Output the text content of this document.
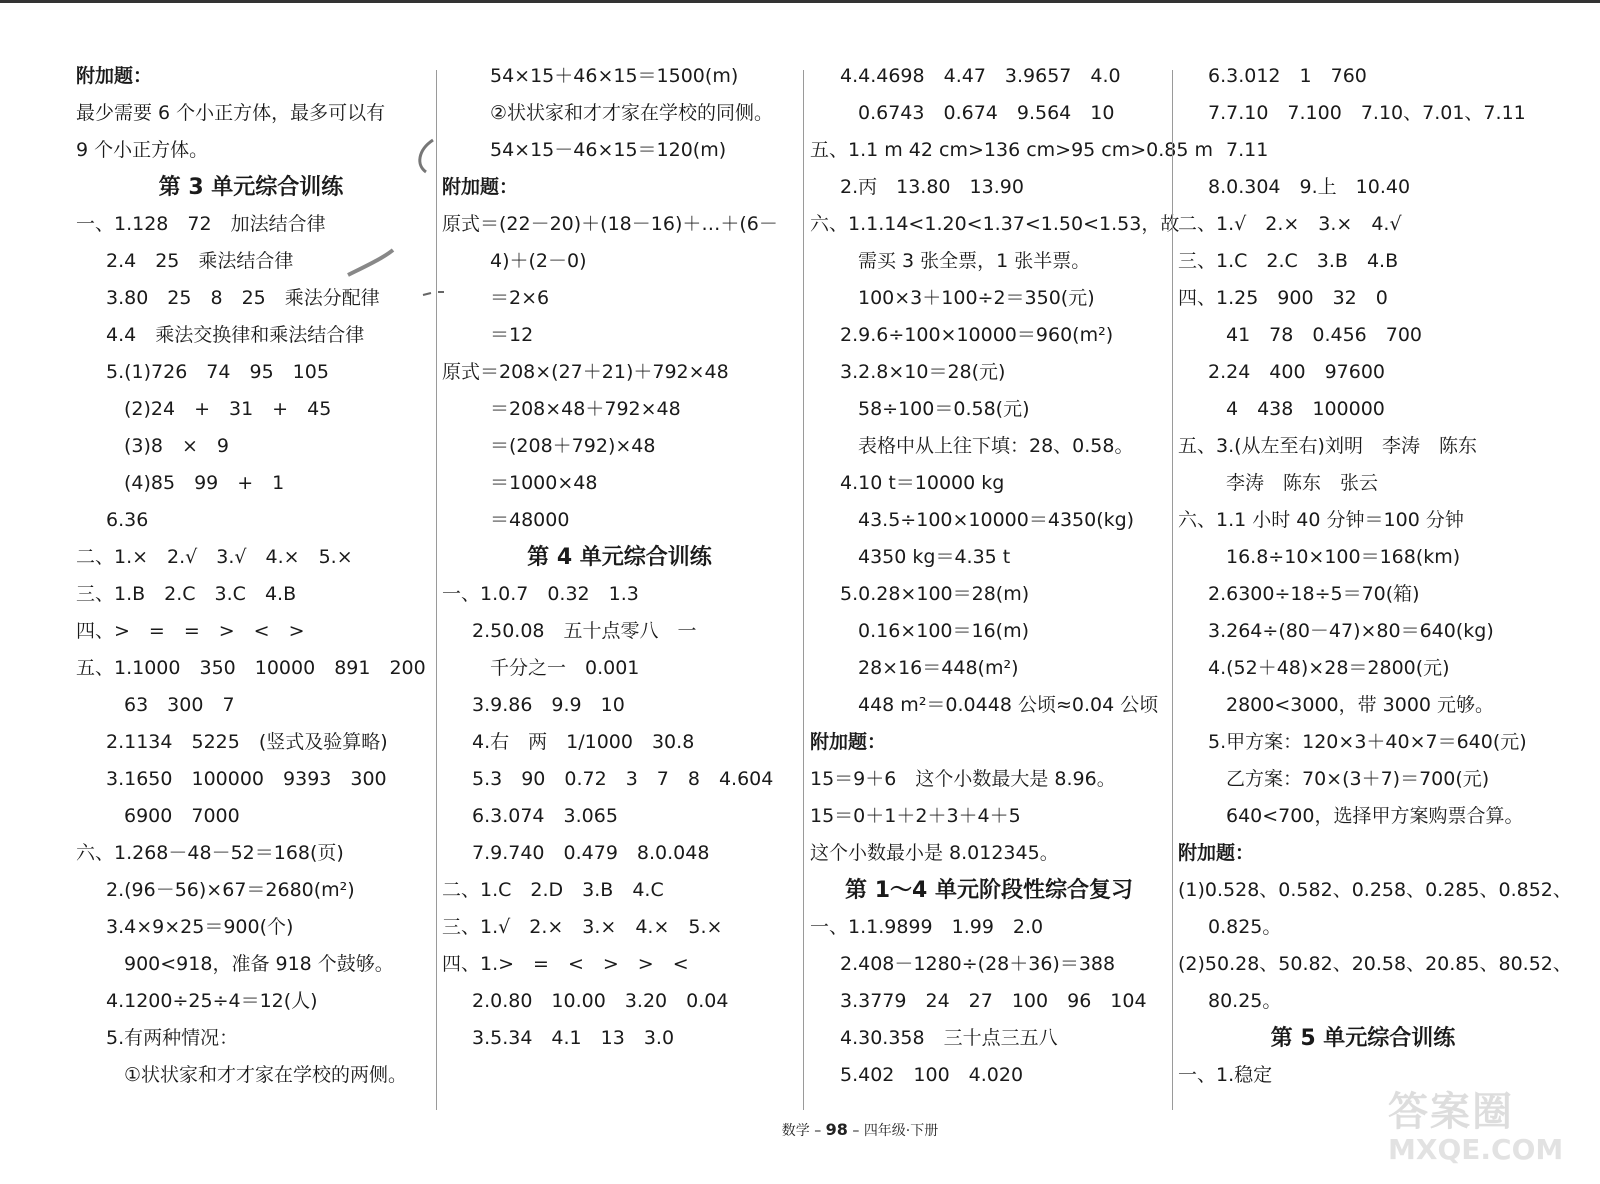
附加题：
最少需要 6 个小正方体，最多可以有
9 个小正方体。
第 3 单元综合训练
一、1.128　72　加法结合律
2.4　25　乘法结合律
3.80　25　8　25　乘法分配律
4.4　乘法交换律和乘法结合律
5.(1)726　74　95　105
(2)24　+　31　+　45
(3)8　×　9
(4)85　99　+　1
6.36
二、1.×　2.√　3.√　4.×　5.×
三、1.B　2.C　3.C　4.B
四、>　=　=　>　<　>
五、1.1000　350　10000　891　200
63　300　7
2.1134　5225　(竖式及验算略)
3.1650　100000　9393　300
6900　7000
六、1.268－48－52＝168(页)
2.(96－56)×67＝2680(m²)
3.4×9×25＝900(个)
900<918，准备 918 个鼓够。
4.1200÷25÷4＝12(人)
5.有两种情况：
①状状家和才才家在学校的两侧。
54×15＋46×15＝1500(m)
②状状家和才才家在学校的同侧。
54×15－46×15＝120(m)
附加题：
原式＝(22－20)＋(18－16)＋…＋(6－
4)＋(2－0)
＝2×6
＝12
原式＝208×(27＋21)＋792×48
＝208×48＋792×48
＝(208＋792)×48
＝1000×48
＝48000
第 4 单元综合训练
一、1.0.7　0.32　1.3
2.50.08　五十点零八　一
千分之一　0.001
3.9.86　9.9　10
4.右　两　1/1000　30.8
5.3　90　0.72　3　7　8　4.604
6.3.074　3.065
7.9.740　0.479　8.0.048
二、1.C　2.D　3.B　4.C
三、1.√　2.×　3.×　4.×　5.×
四、1.>　=　<　>　>　<
2.0.80　10.00　3.20　0.04
3.5.34　4.1　13　3.0
4.4.4698　4.47　3.9657　4.0
0.6743　0.674　9.564　10
五、1.1 m 42 cm>136 cm>95 cm>0.85 m
2.丙　13.80　13.90
六、1.1.14<1.20<1.37<1.50<1.53，故
需买 3 张全票，1 张半票。
100×3＋100÷2＝350(元)
2.9.6÷100×10000＝960(m²)
3.2.8×10＝28(元)
58÷100＝0.58(元)
表格中从上往下填：28、0.58。
4.10 t＝10000 kg
43.5÷100×10000＝4350(kg)
4350 kg＝4.35 t
5.0.28×100＝28(m)
0.16×100＝16(m)
28×16＝448(m²)
448 m²＝0.0448 公顷≈0.04 公顷
附加题：
15＝9＋6　这个小数最大是 8.96。
15＝0＋1＋2＋3＋4＋5
这个小数最小是 8.012345。
第 1～4 单元阶段性综合复习
一、1.1.9899　1.99　2.0
2.408－1280÷(28＋36)＝388
3.3779　24　27　100　96　104
4.30.358　三十点三五八
5.402　100　4.020
6.3.012　1　760
7.7.10　7.100　7.10、7.01、7.11
7.11
8.0.304　9.上　10.40
二、1.√　2.×　3.×　4.√
三、1.C　2.C　3.B　4.B
四、1.25　900　32　0
41　78　0.456　700
2.24　400　97600
4　438　100000
五、3.(从左至右)刘明　李涛　陈东
李涛　陈东　张云
六、1.1 小时 40 分钟＝100 分钟
16.8÷10×100＝168(km)
2.6300÷18÷5＝70(箱)
3.264÷(80－47)×80＝640(kg)
4.(52＋48)×28＝2800(元)
2800<3000，带 3000 元够。
5.甲方案：120×3＋40×7＝640(元)
乙方案：70×(3＋7)＝700(元)
640<700，选择甲方案购票合算。
附加题：
(1)0.528、0.582、0.258、0.285、0.852、
0.825。
(2)50.28、50.82、20.58、20.85、80.52、
80.25。
第 5 单元综合训练
一、1.稳定
数学 – 98 – 四年级·下册	答案圈
MXQE.COM
